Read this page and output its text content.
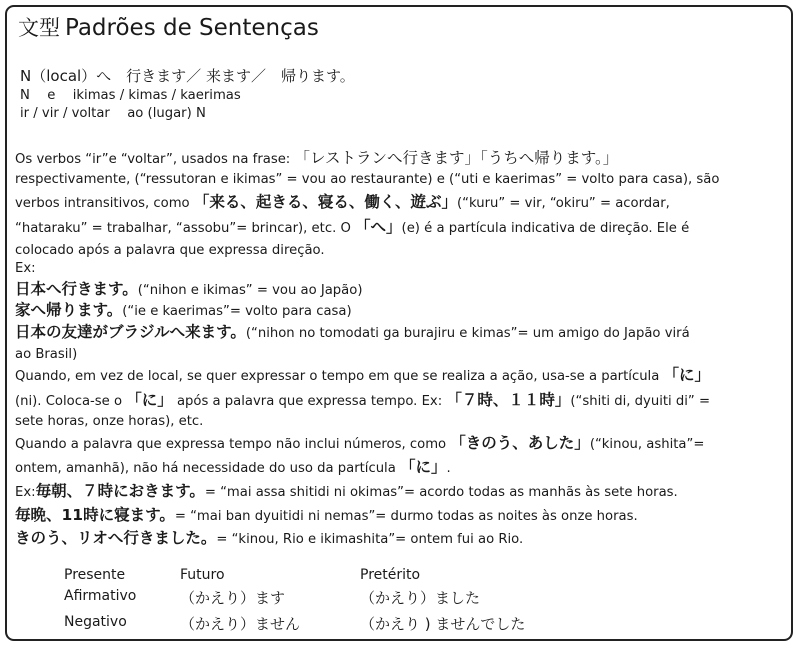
文型 Padrões de Sentenças
N（local）へ　行きます／ 来ます／　帰ります。
N　 e　 ikimas / kimas / kaerimas
ir / vir / voltar　 ao (lugar) N
Os verbos “ir”e “voltar”, usados na frase: 「レストランへ行きます」「うちへ帰ります。」
respectivamente, (“ressutoran e ikimas” = vou ao restaurante) e (“uti e kaerimas” = volto para casa), são
verbos intransitivos, como 「来る、起きる、寝る、働く、遊ぶ」(“kuru” = vir, “okiru” = acordar,
“hataraku” = trabalhar, “assobu”= brincar), etc. O 「へ」(e) é a partícula indicativa de direção. Ele é
colocado após a palavra que expressa direção.
Ex:
日本へ行きます。(“nihon e ikimas” = vou ao Japão)
家へ帰ります。(“ie e kaerimas”= volto para casa)
日本の友達がブラジルへ来ます。(“nihon no tomodati ga burajiru e kimas”= um amigo do Japão virá
ao Brasil)
Quando, em vez de local, se quer expressar o tempo em que se realiza a ação, usa-se a partícula 「に」
(ni). Coloca-se o 「に」 após a palavra que expressa tempo. Ex: 「７時、１１時」(“shiti di, dyuiti di” =
sete horas, onze horas), etc.
Quando a palavra que expressa tempo não inclui números, como 「きのう、あした」(“kinou, ashita”=
ontem, amanhã), não há necessidade do uso da partícula 「に」.
Ex:毎朝、７時におきます。= “mai assa shitidi ni okimas”= acordo todas as manhãs às sete horas.
毎晩、11時に寝ます。= “mai ban dyuitidi ni nemas”= durmo todas as noites às onze horas.
きのう、リオへ行きました。= “kinou, Rio e ikimashita”= ontem fui ao Rio.
Presente	Futuro	Pretérito
Afirmativo	（かえり）ます	（かえり）ました
Negativo	（かえり）ません	（かえり ) ませんでした
